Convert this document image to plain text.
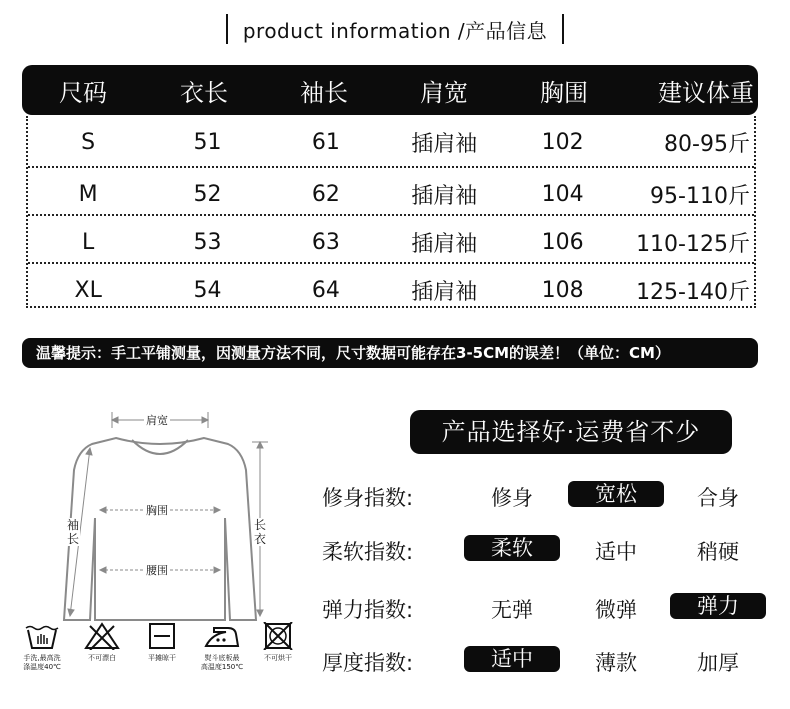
product information /产品信息
尺码	衣长	袖长	肩宽	胸围	建议体重
S	51	61	插肩袖	102	80-95斤
M	52	62	插肩袖	104	95-110斤
L	53	63	插肩袖	106	110-125斤
XL	54	64	插肩袖	108	125-140斤
温馨提示：手工平铺测量，因测量方法不同，尺寸数据可能存在3-5CM的误差！（单位：CM）
肩宽
胸围
腰围
袖长
长衣
手洗,最高洗
涤温度40℃
不可漂白	平摊晾干	熨斗底板最
高温度150℃
不可烘干
产品选择好·运费省不少
修身指数:	修身	宽松	合身
柔软指数:	柔软	适中	稍硬
弹力指数:	无弹	微弹	弹力
厚度指数:	适中	薄款	加厚
